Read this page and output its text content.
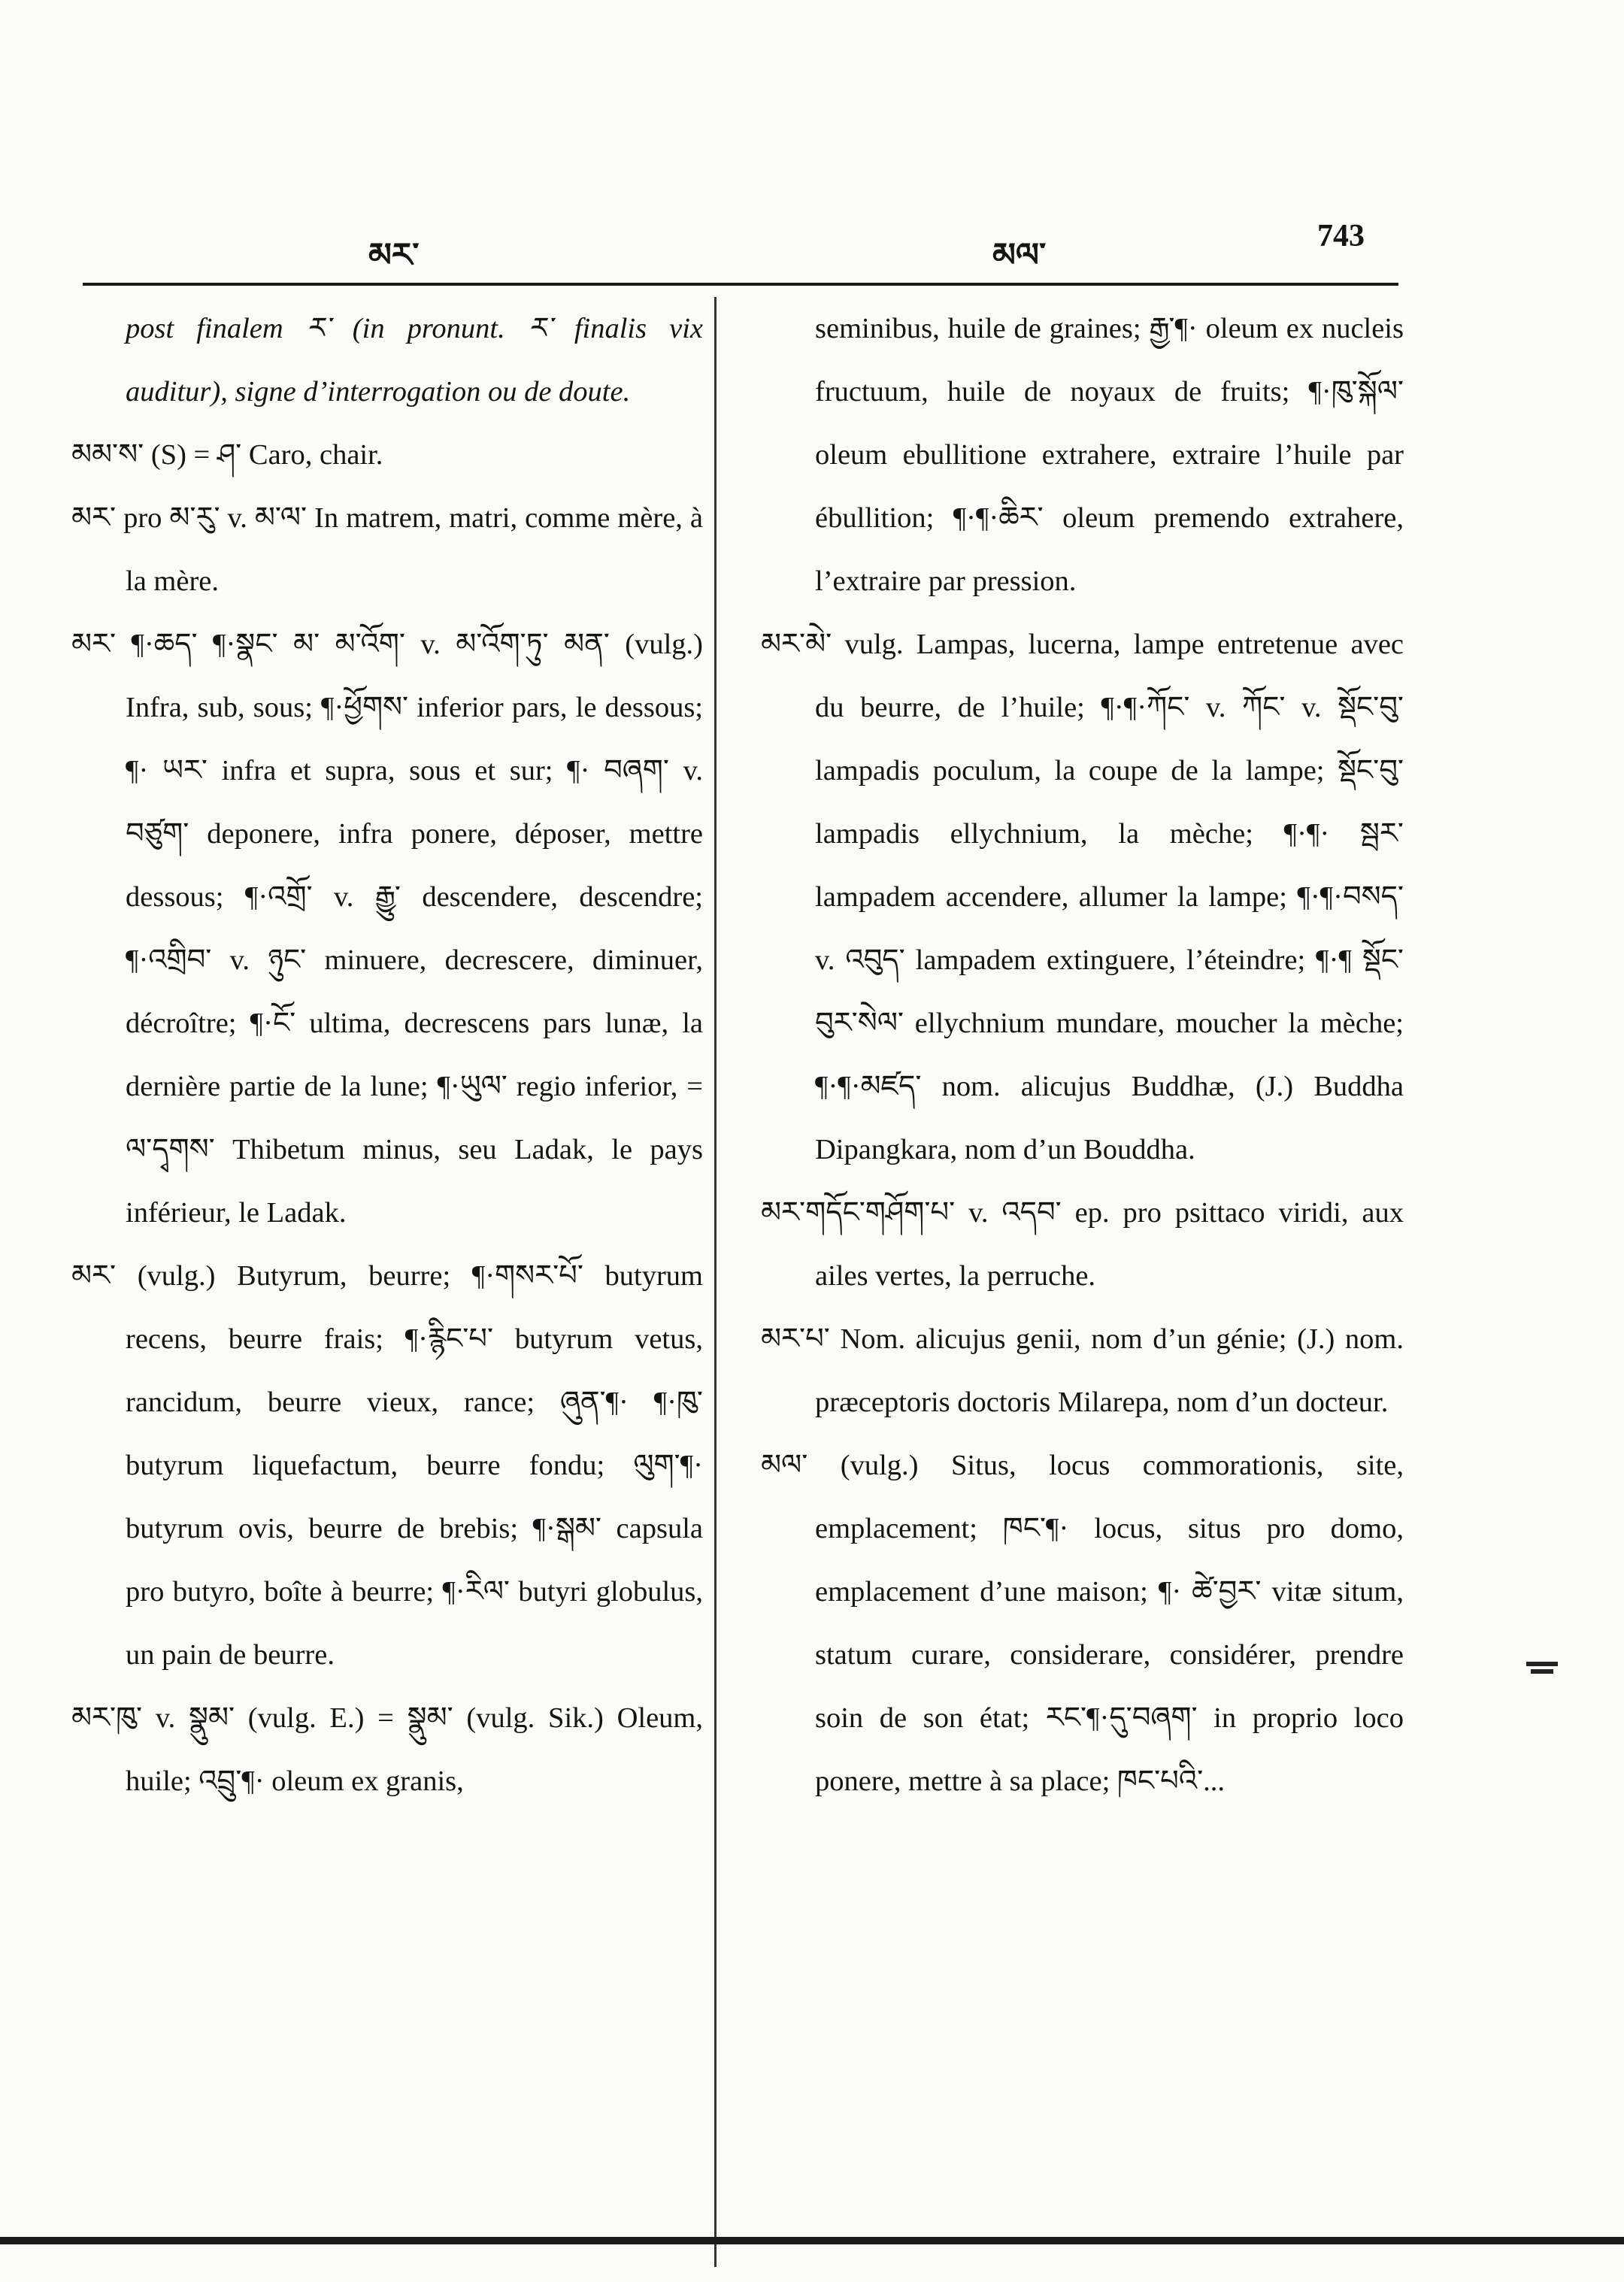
མར་	མལ་	743

post finalem ར་ (in pronunt. ར་ finalis vix auditur), signe d’interrogation ou de doute.

མམ་ས་ (S) = ཤ་ Caro, chair.

མར་ pro མ་རུ་ v. མ་ལ་ In matrem, matri, comme mère, à la mère.

མར་ ¶·ཆད་ ¶·སྣང་ མ་ མ་འོག་ v. མ་འོག་ཏུ་ མན་ (vulg.) Infra, sub, sous; ¶·ཕྱོགས་ inferior pars, le dessous; ¶· ཡར་ infra et supra, sous et sur; ¶· བཞག་ v. བཙུག་ deponere, infra ponere, déposer, mettre dessous; ¶·འགྲོ་ v. རྒྱུ་ descendere, descendre; ¶·འགྲིབ་ v. ཉུང་ minuere, decrescere, diminuer, décroître; ¶·ངོ་ ultima, decrescens pars lunæ, la dernière partie de la lune; ¶·ཡུལ་ regio inferior, = ལ་དྭགས་ Thibetum minus, seu Ladak, le pays inférieur, le Ladak.

མར་ (vulg.) Butyrum, beurre; ¶·གསར་པོ་ butyrum recens, beurre frais; ¶·རྙིང་པ་ butyrum vetus, rancidum, beurre vieux, rance; ཞུན་¶· ¶·ཁུ་ butyrum liquefactum, beurre fondu; ལུག་¶· butyrum ovis, beurre de brebis; ¶·སྒམ་ capsula pro butyro, boîte à beurre; ¶·རིལ་ butyri globulus, un pain de beurre.

མར་ཁུ་ v. སྣུམ་ (vulg. E.) = སྣུམ་ (vulg. Sik.) Oleum, huile; འབྲུ་¶· oleum ex granis,

seminibus, huile de graines; རྒྱ་¶· oleum ex nucleis fructuum, huile de noyaux de fruits; ¶·ཁུ་སྐོལ་ oleum ebullitione extrahere, extraire l’huile par ébullition; ¶·¶·ཆིར་ oleum premendo extrahere, l’extraire par pression.

མར་མེ་ vulg. Lampas, lucerna, lampe entretenue avec du beurre, de l’huile; ¶·¶·ཀོང་ v. ཀོང་ v. སྡོང་བུ་ lampadis poculum, la coupe de la lampe; སྡོང་བུ་ lampadis ellychnium, la mèche; ¶·¶· སྦར་ lampadem accendere, allumer la lampe; ¶·¶·བསད་ v. འབུད་ lampadem extinguere, l’éteindre; ¶·¶ སྡོང་བུར་སེལ་ ellychnium mundare, moucher la mèche; ¶·¶·མཛད་ nom. alicujus Buddhæ, (J.) Buddha Dipangkara, nom d’un Bouddha.

མར་གདོང་གཤོག་པ་ v. འདབ་ ep. pro psittaco viridi, aux ailes vertes, la perruche.

མར་པ་ Nom. alicujus genii, nom d’un génie; (J.) nom. præceptoris doctoris Milarepa, nom d’un docteur.

མལ་ (vulg.) Situs, locus commorationis, site, emplacement; ཁང་¶· locus, situs pro domo, emplacement d’une maison; ¶· ཚེ་བྱར་ vitæ situm, statum curare, considerare, considérer, prendre soin de son état; རང་¶·དུ་བཞག་ in proprio loco ponere, mettre à sa place; ཁང་པའི་...
